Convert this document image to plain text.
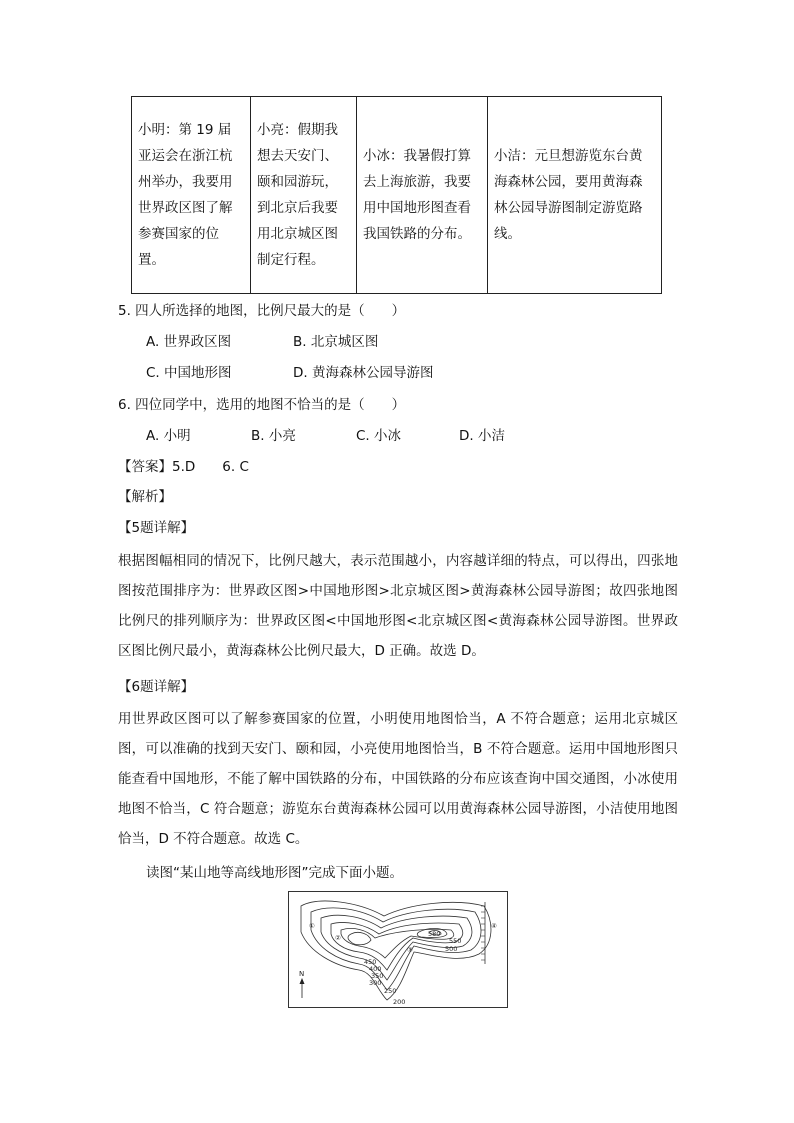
小明：第 19 届亚运会在浙江杭州举办，我要用世界政区图了解参赛国家的位置。	小亮：假期我想去天安门、颐和园游玩，到北京后我要用北京城区图制定行程。	小冰：我暑假打算去上海旅游，我要用中国地形图查看我国铁路的分布。	小洁：元旦想游览东台黄海森林公园，要用黄海森林公园导游图制定游览路线。
5. 四人所选择的地图，比例尺最大的是（　　）
A. 世界政区图	B. 北京城区图
C. 中国地形图	D. 黄海森林公园导游图
6. 四位同学中，选用的地图不恰当的是（　　）
A. 小明	B. 小亮	C. 小冰	D. 小洁
【答案】5.D　　6. C
【解析】
【5题详解】
根据图幅相同的情况下，比例尺越大，表示范围越小，内容越详细的特点，可以得出，四张地图按范围排序为：世界政区图>中国地形图>北京城区图>黄海森林公园导游图；故四张地图比例尺的排列顺序为：世界政区图<中国地形图<北京城区图<黄海森林公园导游图。世界政区图比例尺最小，黄海森林公比例尺最大，D 正确。故选 D。
【6题详解】
用世界政区图可以了解参赛国家的位置，小明使用地图恰当，A 不符合题意；运用北京城区图，可以准确的找到天安门、颐和园，小亮使用地图恰当，B 不符合题意。运用中国地形图只能查看中国地形，不能了解中国铁路的分布，中国铁路的分布应该查询中国交通图，小冰使用地图不恰当，C 符合题意；游览东台黄海森林公园可以用黄海森林公园导游图，小洁使用地图恰当，D 不符合题意。故选 C。
读图“某山地等高线地形图”完成下面小题。
580
550
500
450
400
350
300
250
200
①
②
③
④
N
